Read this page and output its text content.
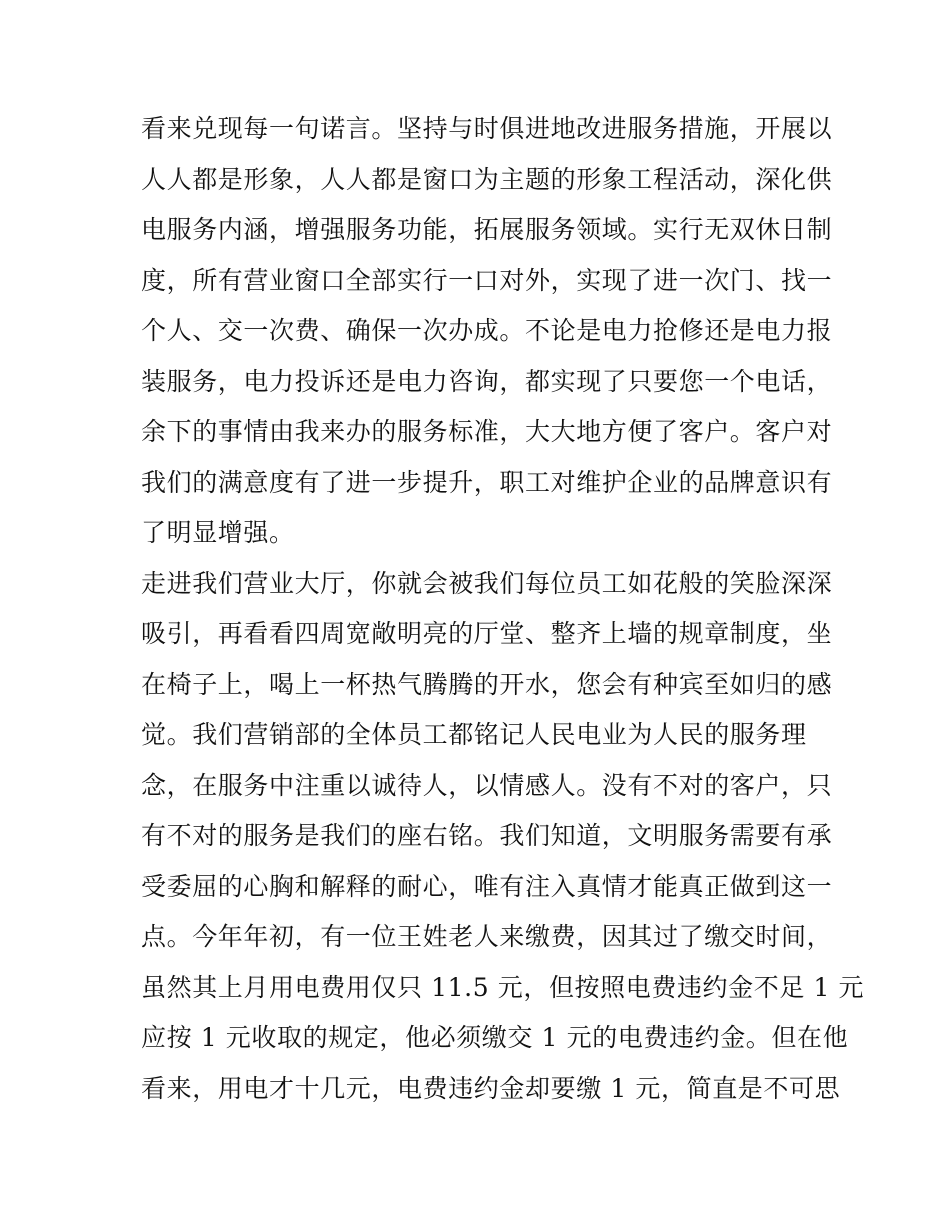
看来兑现每一句诺言。坚持与时俱进地改进服务措施，开展以
人人都是形象，人人都是窗口为主题的形象工程活动，深化供
电服务内涵，增强服务功能，拓展服务领域。实行无双休日制
度，所有营业窗口全部实行一口对外，实现了进一次门、找一
个人、交一次费、确保一次办成。不论是电力抢修还是电力报
装服务，电力投诉还是电力咨询，都实现了只要您一个电话，
余下的事情由我来办的服务标准，大大地方便了客户。客户对
我们的满意度有了进一步提升，职工对维护企业的品牌意识有
了明显增强。
走进我们营业大厅，你就会被我们每位员工如花般的笑脸深深
吸引，再看看四周宽敞明亮的厅堂、整齐上墙的规章制度，坐
在椅子上，喝上一杯热气腾腾的开水，您会有种宾至如归的感
觉。我们营销部的全体员工都铭记人民电业为人民的服务理
念，在服务中注重以诚待人，以情感人。没有不对的客户，只
有不对的服务是我们的座右铭。我们知道，文明服务需要有承
受委屈的心胸和解释的耐心，唯有注入真情才能真正做到这一
点。今年年初，有一位王姓老人来缴费，因其过了缴交时间，
虽然其上月用电费用仅只 11.5 元，但按照电费违约金不足 1 元
应按 1 元收取的规定，他必须缴交 1 元的电费违约金。但在他
看来，用电才十几元，电费违约金却要缴 1 元，简直是不可思
